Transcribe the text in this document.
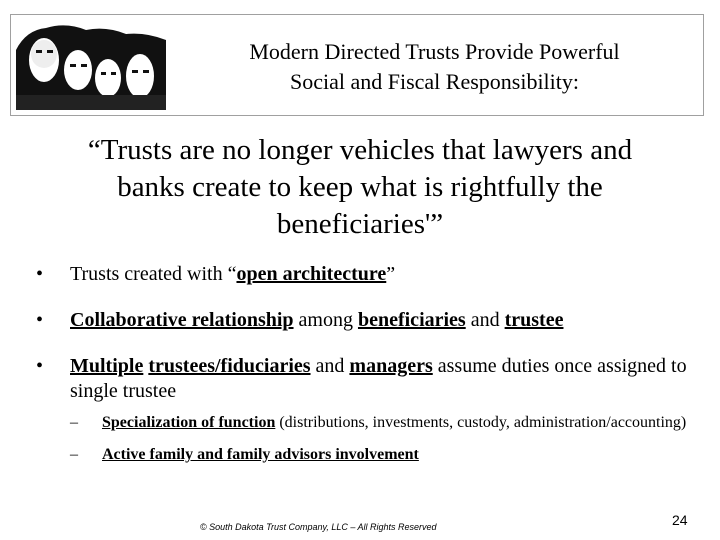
Modern Directed Trusts Provide Powerful
Social and Fiscal Responsibility:
“Trusts are no longer vehicles that lawyers and
banks create to keep what is rightfully the
beneficiaries'”
• Trusts created with “open architecture”
• Collaborative relationship among beneficiaries and trustee
• Multiple trustees/fiduciaries and managers assume duties once assigned to single trustee
– Specialization of function (distributions, investments, custody, administration/accounting)
– Active family and family advisors involvement
© South Dakota Trust Company, LLC – All Rights Reserved	24
